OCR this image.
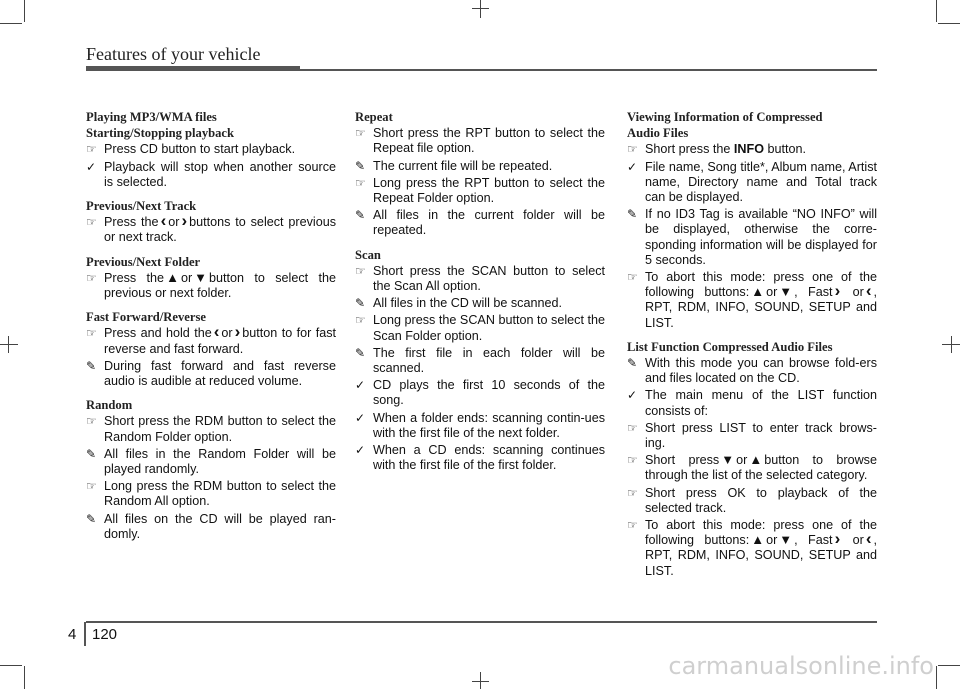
Features of your vehicle
Playing MP3/WMA files
Starting/Stopping playback
☞ Press CD button to start playback.
✓ Playback will stop when another source is selected.
Previous/Next Track
☞ Press the ‹ or › buttons to select previous or next track.
Previous/Next Folder
☞ Press the ▲ or ▼ button to select the previous or next folder.
Fast Forward/Reverse
☞ Press and hold the ‹ or › button to for fast reverse and fast forward.
✎ During fast forward and fast reverse audio is audible at reduced volume.
Random
☞ Short press the RDM button to select the Random Folder option.
✎ All files in the Random Folder will be played randomly.
☞ Long press the RDM button to select the Random All option.
✎ All files on the CD will be played ran-domly.
Repeat
☞ Short press the RPT button to select the Repeat file option.
✎ The current file will be repeated.
☞ Long press the RPT button to select the Repeat Folder option.
✎ All files in the current folder will be repeated.
Scan
☞ Short press the SCAN button to select the Scan All option.
✎ All files in the CD will be scanned.
☞ Long press the SCAN button to select the Scan Folder option.
✎ The first file in each folder will be scanned.
✓ CD plays the first 10 seconds of the song.
✓ When a folder ends: scanning contin-ues with the first file of the next folder.
✓ When a CD ends: scanning continues with the first file of the first folder.
Viewing Information of Compressed
Audio Files
☞ Short press the INFO button.
✓ File name, Song title*, Album name, Artist name, Directory name and Total track can be displayed.
✎ If no ID3 Tag is available “NO INFO” will be displayed, otherwise the corre-sponding information will be displayed for 5 seconds.
☞ To abort this mode: press one of the following buttons: ▲ or ▼ , Fast › or ‹ , RPT, RDM, INFO, SOUND, SETUP and LIST.
List Function Compressed Audio Files
✎ With this mode you can browse fold-ers and files located on the CD.
✓ The main menu of the LIST function consists of:
☞ Short press LIST to enter track brows-ing.
☞ Short press ▼ or ▲ button to browse through the list of the selected category.
☞ Short press OK to playback of the selected track.
☞ To abort this mode: press one of the following buttons: ▲ or ▼ , Fast › or ‹ , RPT, RDM, INFO, SOUND, SETUP and LIST.
4 120
carmanualsonline.info
